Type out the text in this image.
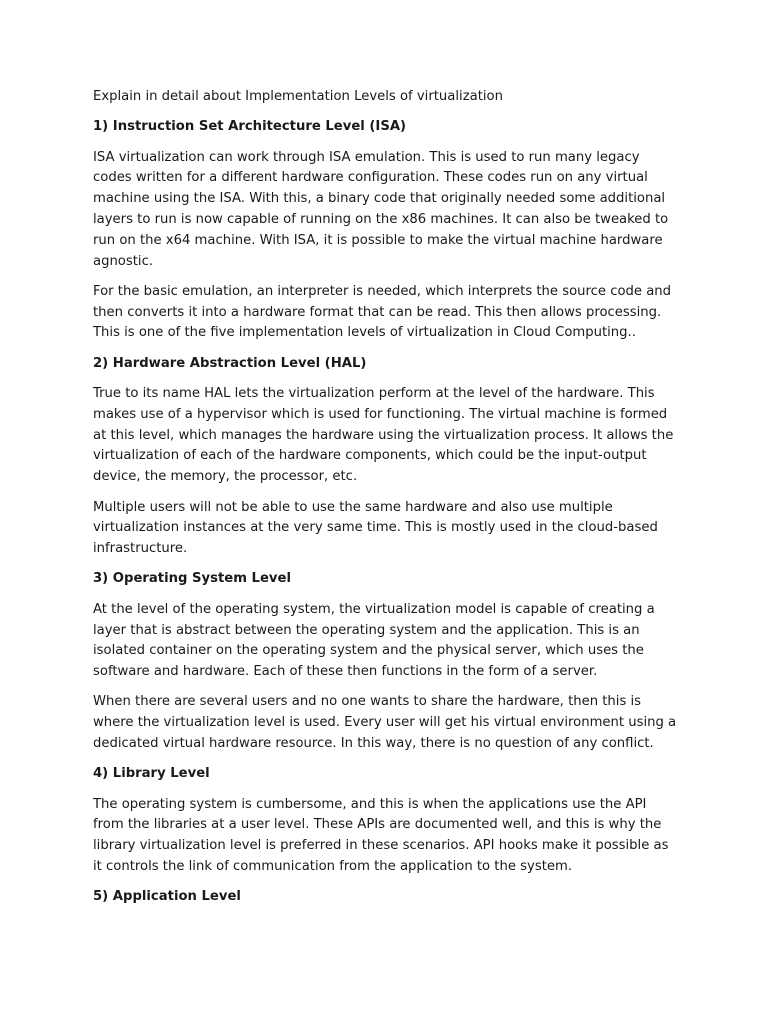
Explain in detail about Implementation Levels of virtualization

1) Instruction Set Architecture Level (ISA)

ISA virtualization can work through ISA emulation. This is used to run many legacy codes written for a different hardware configuration. These codes run on any virtual machine using the ISA. With this, a binary code that originally needed some additional layers to run is now capable of running on the x86 machines. It can also be tweaked to run on the x64 machine. With ISA, it is possible to make the virtual machine hardware agnostic.

For the basic emulation, an interpreter is needed, which interprets the source code and then converts it into a hardware format that can be read. This then allows processing. This is one of the five implementation levels of virtualization in Cloud Computing..

2) Hardware Abstraction Level (HAL)

True to its name HAL lets the virtualization perform at the level of the hardware. This makes use of a hypervisor which is used for functioning. The virtual machine is formed at this level, which manages the hardware using the virtualization process. It allows the virtualization of each of the hardware components, which could be the input-output device, the memory, the processor, etc.

Multiple users will not be able to use the same hardware and also use multiple virtualization instances at the very same time. This is mostly used in the cloud-based infrastructure.

3) Operating System Level

At the level of the operating system, the virtualization model is capable of creating a layer that is abstract between the operating system and the application. This is an isolated container on the operating system and the physical server, which uses the software and hardware. Each of these then functions in the form of a server.

When there are several users and no one wants to share the hardware, then this is where the virtualization level is used. Every user will get his virtual environment using a dedicated virtual hardware resource. In this way, there is no question of any conflict.

4) Library Level

The operating system is cumbersome, and this is when the applications use the API from the libraries at a user level. These APIs are documented well, and this is why the library virtualization level is preferred in these scenarios. API hooks make it possible as it controls the link of communication from the application to the system.

5) Application Level
